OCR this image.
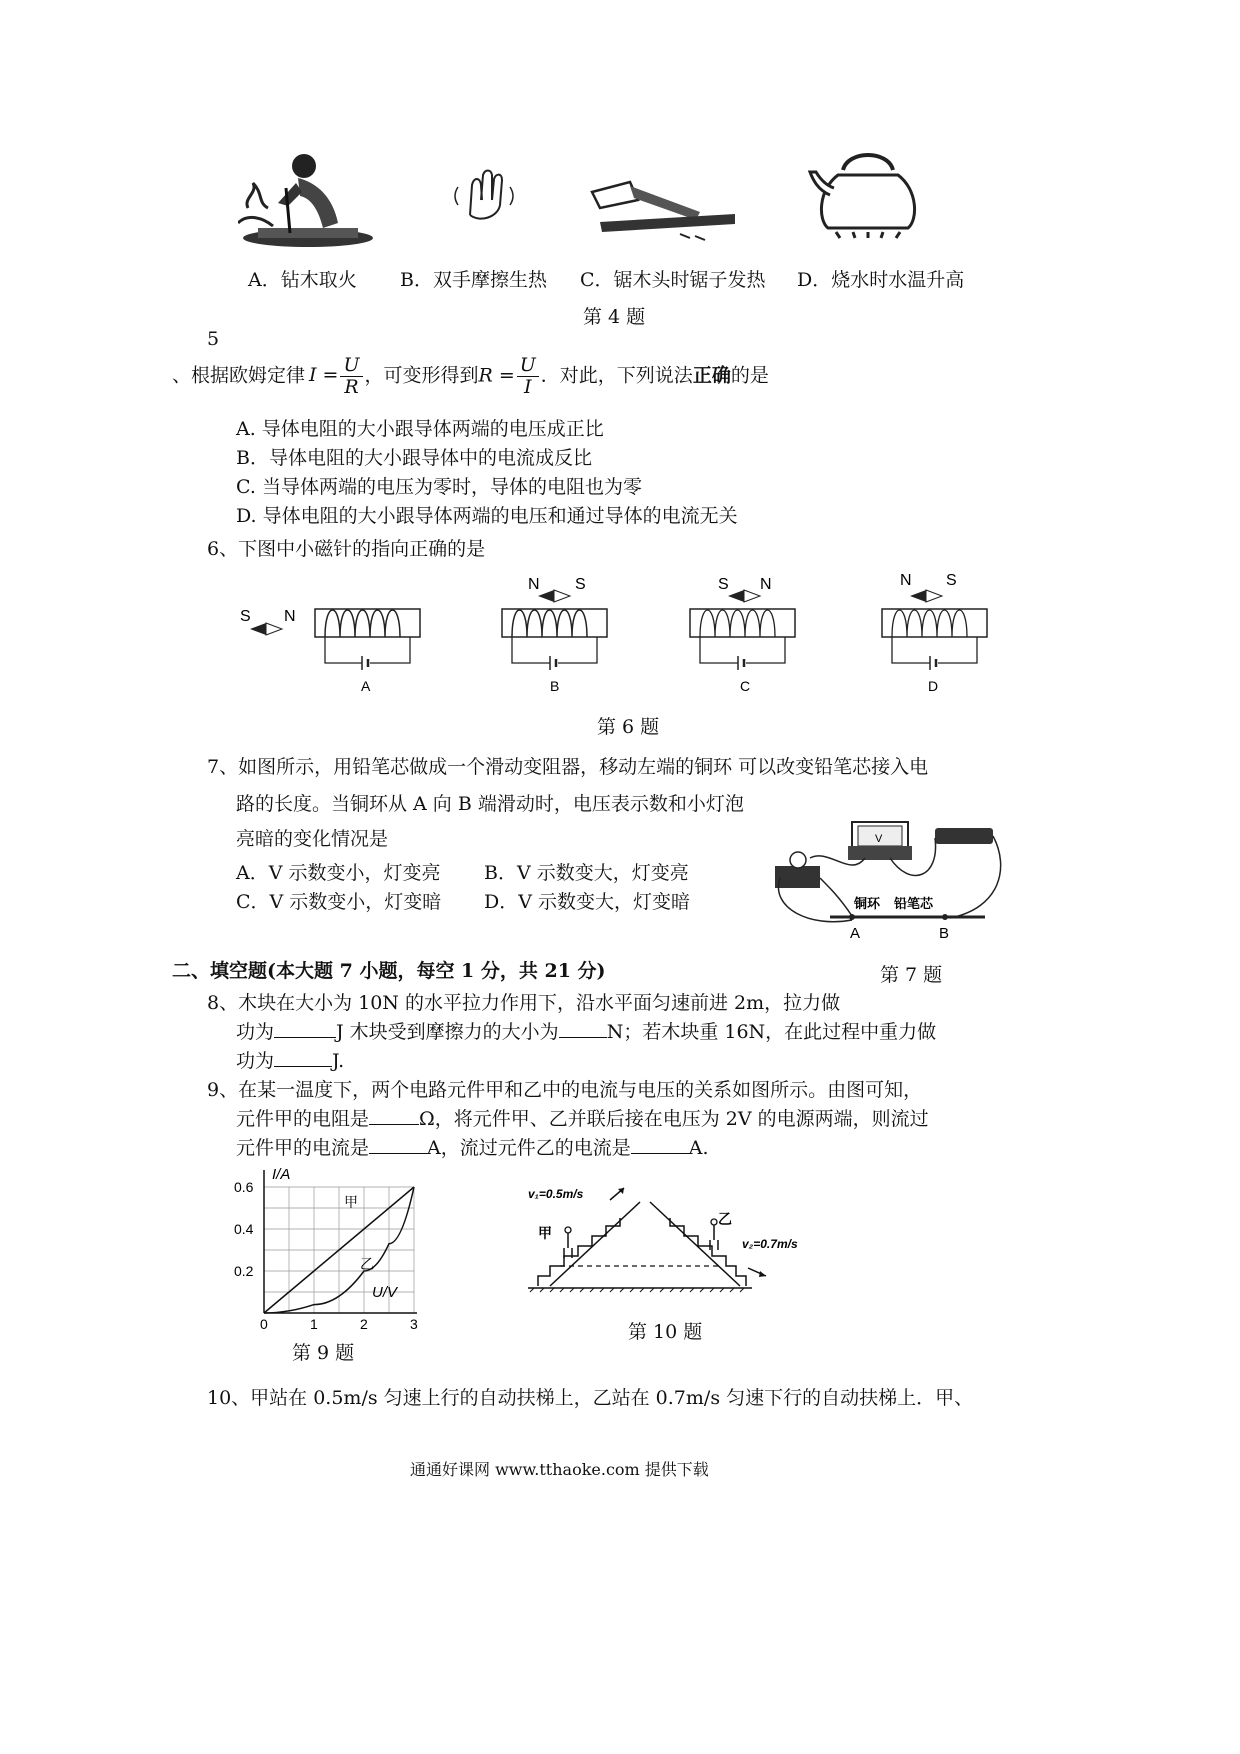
A．钻木取火 B．双手摩擦生热 C．锯木头时锯子发热 D．烧水时水温升高
第 4 题
5
、根据欧姆定律 $I = \frac{U}{R}$ ，可变形得到$R = \frac{U}{I}$ ．对此，下列说法正确的是
A. 导体电阻的大小跟导体两端的电压成正比
B．导体电阻的大小跟导体中的电流成反比
C. 当导体两端的电压为零时，导体的电阻也为零
D. 导体电阻的大小跟导体两端的电压和通过导体的电流无关
6、下图中小磁针的指向正确的是
S N
A
N S
B
S N
C
N S
D
第 6 题
7、如图所示，用铅笔芯做成一个滑动变阻器，移动左端的铜环 可以改变铅笔芯接入电
路的长度。当铜环从 A 向 B 端滑动时，电压表示数和小灯泡
亮暗的变化情况是
A．V 示数变小，灯变亮 B．V 示数变大，灯变亮
C．V 示数变小，灯变暗 D．V 示数变大，灯变暗
V
铜环 铅笔芯
A	B
二、填空题(本大题 7 小题，每空 1 分，共 21 分)	第 7 题
8、木块在大小为 10N 的水平拉力作用下，沿水平面匀速前进 2m，拉力做
功为	J 木块受到摩擦力的大小为	N；若木块重 16N，在此过程中重力做
功为	J.
9、在某一温度下，两个电路元件甲和乙中的电流与电压的关系如图所示。由图可知，
元件甲的电阻是	Ω，将元件甲、乙并联后接在电压为 2V 的电源两端，则流过
元件甲的电流是	A，流过元件乙的电流是	A.
I/A
U/V
0.6
0.4
0.2
0	1	2	3
甲
乙
第 9 题
v₁=0.5m/s
v₂=0.7m/s
甲
乙
第 10 题
10、甲站在 0.5m/s 匀速上行的自动扶梯上，乙站在 0.7m/s 匀速下行的自动扶梯上．甲、
通通好课网 www.tthaoke.com 提供下载
